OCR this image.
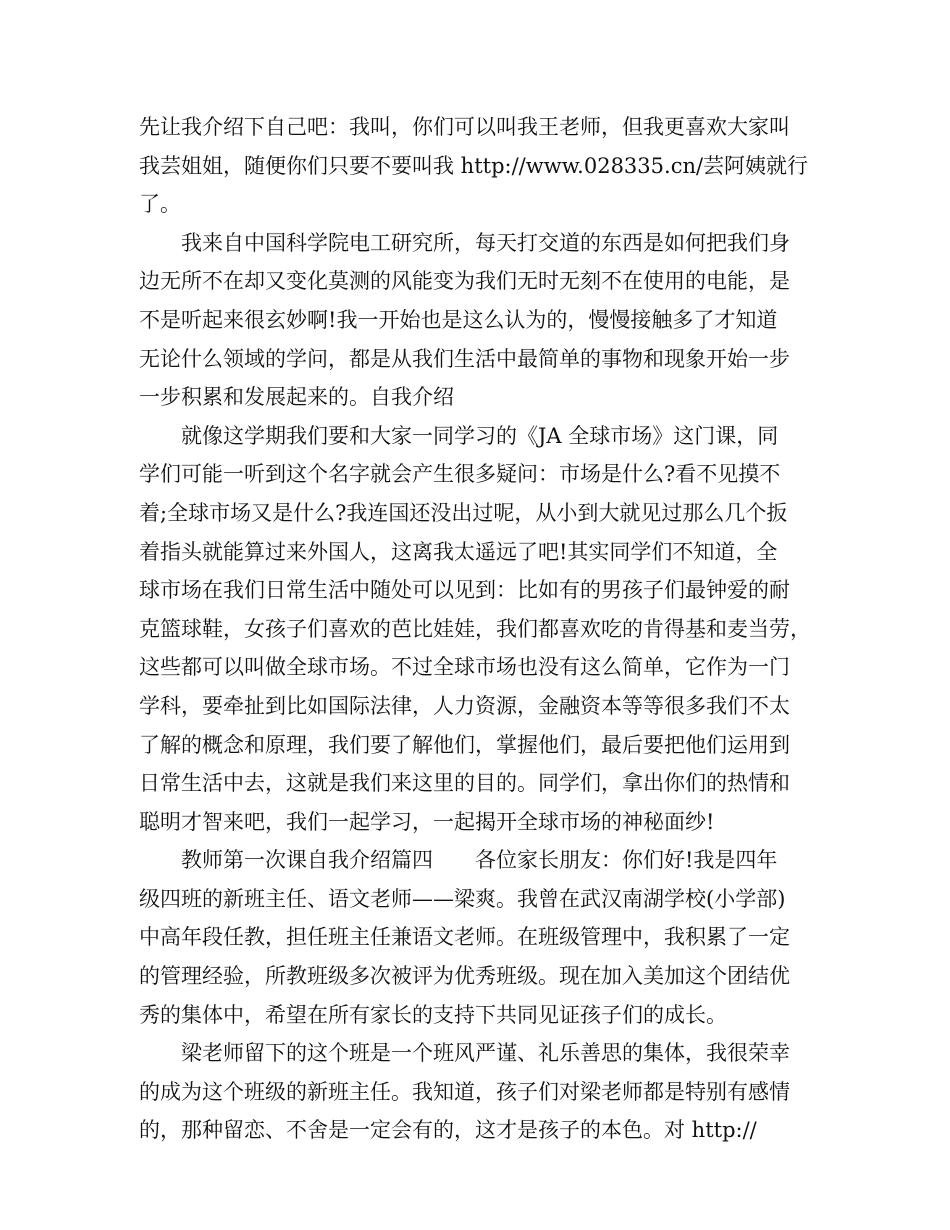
先让我介绍下自己吧：我叫，你们可以叫我王老师，但我更喜欢大家叫
我芸姐姐，随便你们只要不要叫我 http://www.028335.cn/芸阿姨就行
了。
　　我来自中国科学院电工研究所，每天打交道的东西是如何把我们身
边无所不在却又变化莫测的风能变为我们无时无刻不在使用的电能，是
不是听起来很玄妙啊!我一开始也是这么认为的，慢慢接触多了才知道
无论什么领域的学问，都是从我们生活中最简单的事物和现象开始一步
一步积累和发展起来的。自我介绍
　　就像这学期我们要和大家一同学习的《JA 全球市场》这门课，同
学们可能一听到这个名字就会产生很多疑问：市场是什么?看不见摸不
着;全球市场又是什么?我连国还没出过呢，从小到大就见过那么几个扳
着指头就能算过来外国人，这离我太遥远了吧!其实同学们不知道，全
球市场在我们日常生活中随处可以见到：比如有的男孩子们最钟爱的耐
克篮球鞋，女孩子们喜欢的芭比娃娃，我们都喜欢吃的肯得基和麦当劳，
这些都可以叫做全球市场。不过全球市场也没有这么简单，它作为一门
学科，要牵扯到比如国际法律，人力资源，金融资本等等很多我们不太
了解的概念和原理，我们要了解他们，掌握他们，最后要把他们运用到
日常生活中去，这就是我们来这里的目的。同学们，拿出你们的热情和
聪明才智来吧，我们一起学习，一起揭开全球市场的神秘面纱!
　　教师第一次课自我介绍篇四　　各位家长朋友：你们好!我是四年
级四班的新班主任、语文老师——梁爽。我曾在武汉南湖学校(小学部)
中高年段任教，担任班主任兼语文老师。在班级管理中，我积累了一定
的管理经验，所教班级多次被评为优秀班级。现在加入美加这个团结优
秀的集体中，希望在所有家长的支持下共同见证孩子们的成长。
　　梁老师留下的这个班是一个班风严谨、礼乐善思的集体，我很荣幸
的成为这个班级的新班主任。我知道，孩子们对梁老师都是特别有感情
的，那种留恋、不舍是一定会有的，这才是孩子的本色。对 http://
